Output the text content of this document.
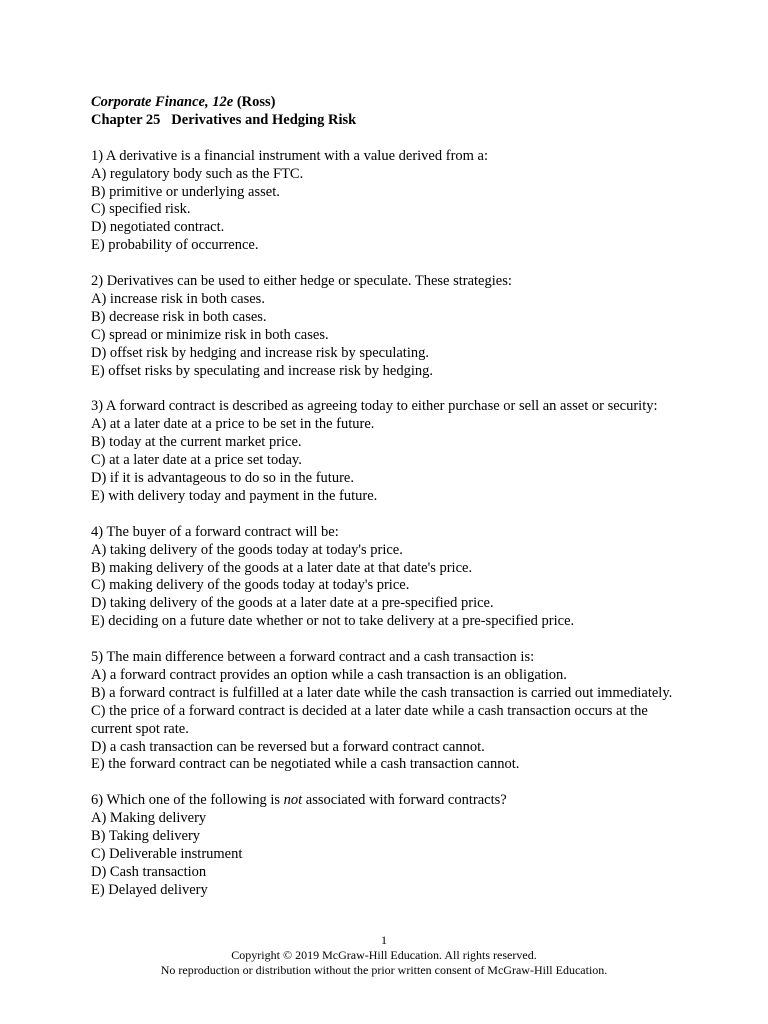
Corporate Finance, 12e (Ross)
Chapter 25   Derivatives and Hedging Risk
1) A derivative is a financial instrument with a value derived from a:
A) regulatory body such as the FTC.
B) primitive or underlying asset.
C) specified risk.
D) negotiated contract.
E) probability of occurrence.
2) Derivatives can be used to either hedge or speculate. These strategies:
A) increase risk in both cases.
B) decrease risk in both cases.
C) spread or minimize risk in both cases.
D) offset risk by hedging and increase risk by speculating.
E) offset risks by speculating and increase risk by hedging.
3) A forward contract is described as agreeing today to either purchase or sell an asset or security:
A) at a later date at a price to be set in the future.
B) today at the current market price.
C) at a later date at a price set today.
D) if it is advantageous to do so in the future.
E) with delivery today and payment in the future.
4) The buyer of a forward contract will be:
A) taking delivery of the goods today at today's price.
B) making delivery of the goods at a later date at that date's price.
C) making delivery of the goods today at today's price.
D) taking delivery of the goods at a later date at a pre-specified price.
E) deciding on a future date whether or not to take delivery at a pre-specified price.
5) The main difference between a forward contract and a cash transaction is:
A) a forward contract provides an option while a cash transaction is an obligation.
B) a forward contract is fulfilled at a later date while the cash transaction is carried out immediately.
C) the price of a forward contract is decided at a later date while a cash transaction occurs at the current spot rate.
D) a cash transaction can be reversed but a forward contract cannot.
E) the forward contract can be negotiated while a cash transaction cannot.
6) Which one of the following is not associated with forward contracts?
A) Making delivery
B) Taking delivery
C) Deliverable instrument
D) Cash transaction
E) Delayed delivery
1
Copyright © 2019 McGraw-Hill Education. All rights reserved.
No reproduction or distribution without the prior written consent of McGraw-Hill Education.
